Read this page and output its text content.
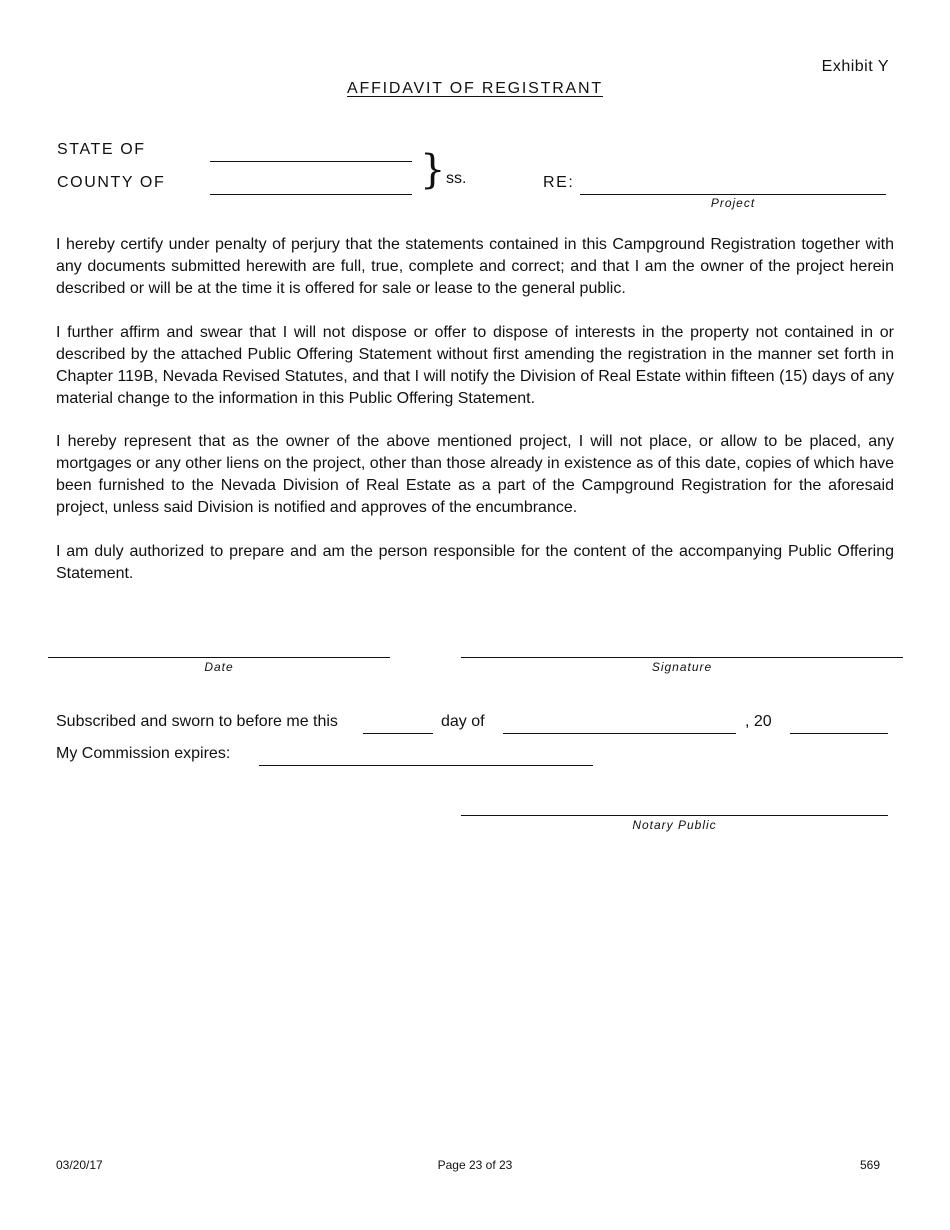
Exhibit Y
AFFIDAVIT OF REGISTRANT
STATE OF
COUNTY OF	} ss.	RE:
Project

I hereby certify under penalty of perjury that the statements contained in this Campground Registration together with any documents submitted herewith are full, true, complete and correct; and that I am the owner of the project herein described or will be at the time it is offered for sale or lease to the general public.

I further affirm and swear that I will not dispose or offer to dispose of interests in the property not contained in or described by the attached Public Offering Statement without first amending the registration in the manner set forth in Chapter 119B, Nevada Revised Statutes, and that I will notify the Division of Real Estate within fifteen (15) days of any material change to the information in this Public Offering Statement.

I hereby represent that as the owner of the above mentioned project, I will not place, or allow to be placed, any mortgages or any other liens on the project, other than those already in existence as of this date, copies of which have been furnished to the Nevada Division of Real Estate as a part of the Campground Registration for the aforesaid project, unless said Division is notified and approves of the encumbrance.

I am duly authorized to prepare and am the person responsible for the content of the accompanying Public Offering Statement.

Date	Signature
Subscribed and sworn to before me this	day of	, 20
My Commission expires:
Notary Public
03/20/17	Page 23 of 23	569
